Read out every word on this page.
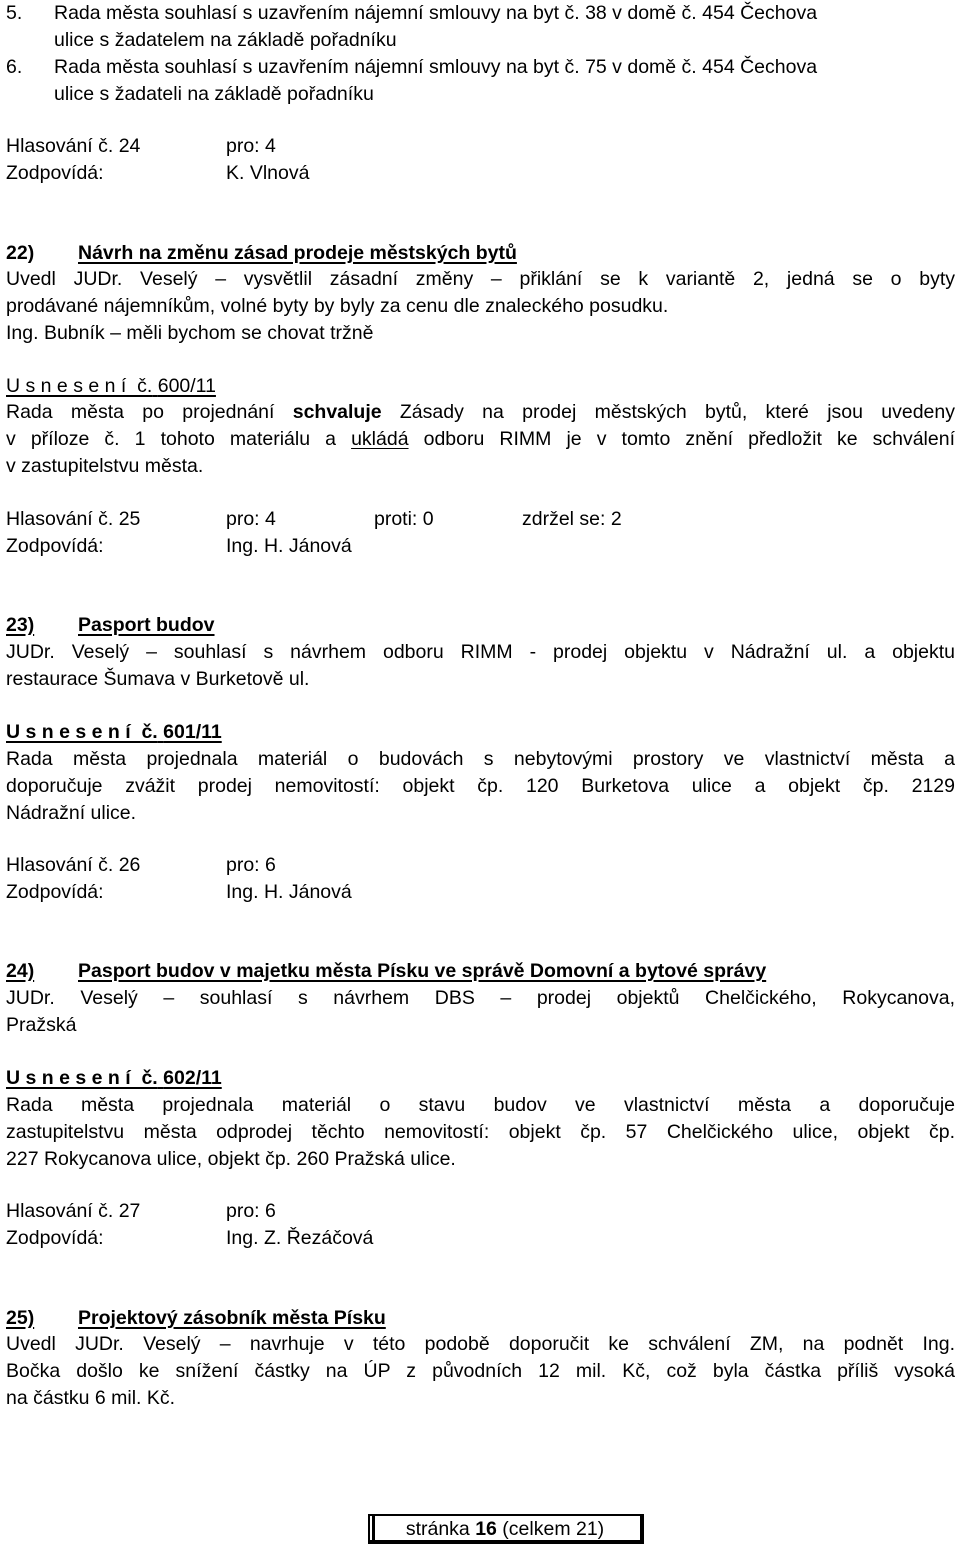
5. Rada města souhlasí s uzavřením nájemní smlouvy na byt č. 38 v domě č. 454 Čechova
ulice s žadatelem na základě pořadníku
6. Rada města souhlasí s uzavřením nájemní smlouvy na byt č. 75 v domě č. 454 Čechova
ulice s žadateli na základě pořadníku
Hlasování č. 24	pro: 4
Zodpovídá:	K. Vlnová
22) Návrh na změnu zásad prodeje městských bytů
Uvedl JUDr. Veselý – vysvětlil zásadní změny – přiklání se k variantě 2, jedná se o byty
prodávané nájemníkům, volné byty by byly za cenu dle znaleckého posudku.
Ing. Bubník – měli bychom se chovat tržně
U s n e s e n í  č. 600/11
Rada města po projednání schvaluje Zásady na prodej městských bytů, které jsou uvedeny
v příloze č. 1 tohoto materiálu a ukládá odboru RIMM je v tomto znění předložit ke schválení
v zastupitelstvu města.
Hlasování č. 25	pro: 4	proti: 0	zdržel se: 2
Zodpovídá:	Ing. H. Jánová
23) Pasport budov
JUDr. Veselý – souhlasí s návrhem odboru RIMM - prodej objektu v Nádražní ul. a objektu
restaurace Šumava v Burketově ul.
U s n e s e n í  č. 601/11
Rada města projednala materiál o budovách s nebytovými prostory ve vlastnictví města a
doporučuje zvážit prodej nemovitostí: objekt čp. 120 Burketova ulice a objekt čp. 2129
Nádražní ulice.
Hlasování č. 26	pro: 6
Zodpovídá:	Ing. H. Jánová
24) Pasport budov v majetku města Písku ve správě Domovní a bytové správy
JUDr. Veselý – souhlasí s návrhem DBS – prodej objektů Chelčického, Rokycanova,
Pražská
U s n e s e n í  č. 602/11
Rada města projednala materiál o stavu budov ve vlastnictví města a doporučuje
zastupitelstvu města odprodej těchto nemovitostí: objekt čp. 57 Chelčického ulice, objekt čp.
227 Rokycanova ulice, objekt čp. 260 Pražská ulice.
Hlasování č. 27	pro: 6
Zodpovídá:	Ing. Z. Řezáčová
25) Projektový zásobník města Písku
Uvedl JUDr. Veselý – navrhuje v této podobě doporučit ke schválení ZM, na podnět Ing.
Bočka došlo ke snížení částky na ÚP z původních 12 mil. Kč, což byla částka příliš vysoká
na částku 6 mil. Kč.
stránka 16 (celkem 21)
